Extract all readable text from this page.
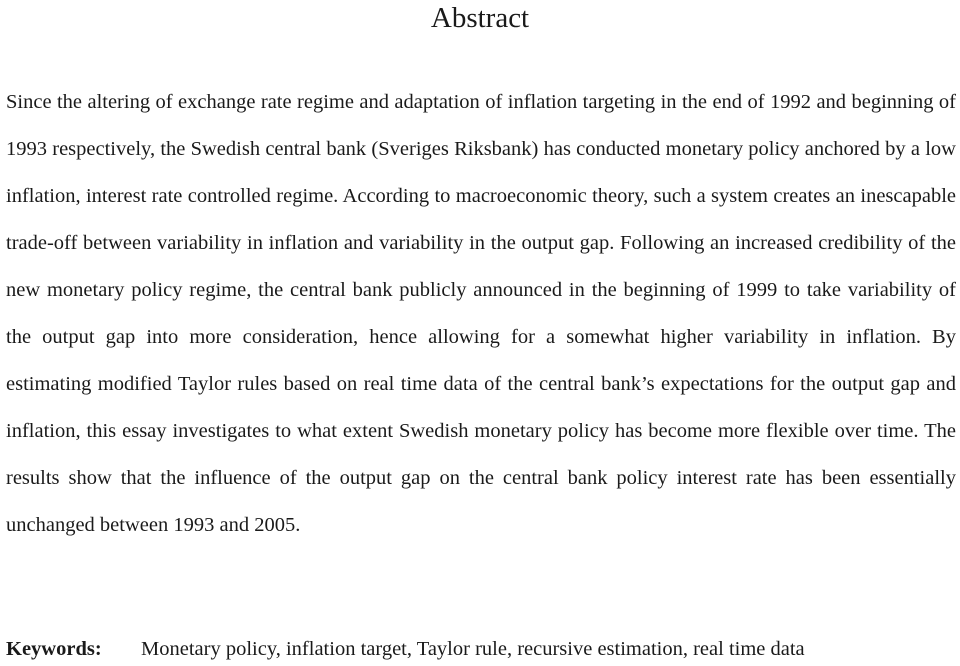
Abstract

Since the altering of exchange rate regime and adaptation of inflation targeting in the end of 1992 and beginning of 1993 respectively, the Swedish central bank (Sveriges Riksbank) has conducted monetary policy anchored by a low inflation, interest rate controlled regime. According to macroeconomic theory, such a system creates an inescapable trade-off between variability in inflation and variability in the output gap. Following an increased credibility of the new monetary policy regime, the central bank publicly announced in the beginning of 1999 to take variability of the output gap into more consideration, hence allowing for a somewhat higher variability in inflation. By estimating modified Taylor rules based on real time data of the central bank’s expectations for the output gap and inflation, this essay investigates to what extent Swedish monetary policy has become more flexible over time. The results show that the influence of the output gap on the central bank policy interest rate has been essentially unchanged between 1993 and 2005.

Keywords: Monetary policy, inflation target, Taylor rule, recursive estimation, real time data
